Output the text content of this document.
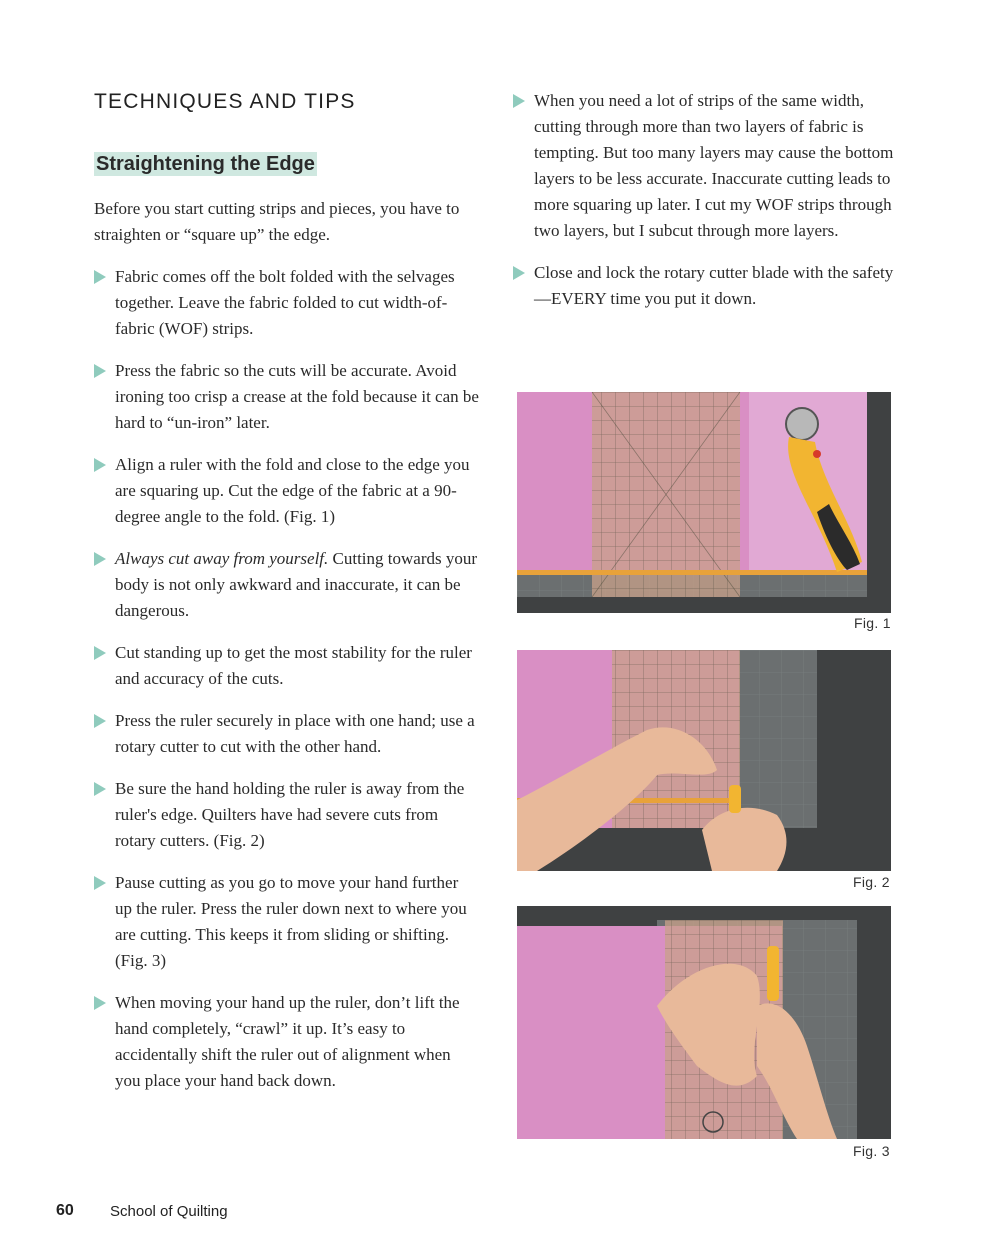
TECHNIQUES AND TIPS
Straightening the Edge

Before you start cutting strips and pieces, you have to straighten or “square up” the edge.

Fabric comes off the bolt folded with the selvages together. Leave the fabric folded to cut width-of-fabric (WOF) strips.
Press the fabric so the cuts will be accurate. Avoid ironing too crisp a crease at the fold because it can be hard to “un-iron” later.
Align a ruler with the fold and close to the edge you are squaring up. Cut the edge of the fabric at a 90-degree angle to the fold. (Fig. 1)
Always cut away from yourself. Cutting towards your body is not only awkward and inaccurate, it can be dangerous.
Cut standing up to get the most stability for the ruler and accuracy of the cuts.
Press the ruler securely in place with one hand; use a rotary cutter to cut with the other hand.
Be sure the hand holding the ruler is away from the ruler's edge. Quilters have had severe cuts from rotary cutters. (Fig. 2)
Pause cutting as you go to move your hand further up the ruler. Press the ruler down next to where you are cutting. This keeps it from sliding or shifting. (Fig. 3)
When moving your hand up the ruler, don’t lift the hand completely, “crawl” it up. It’s easy to accidentally shift the ruler out of alignment when you place your hand back down.
When you need a lot of strips of the same width, cutting through more than two layers of fabric is tempting. But too many layers may cause the bottom layers to be less accurate. Inaccurate cutting leads to more squaring up later. I cut my WOF strips through two layers, but I subcut through more layers.
Close and lock the rotary cutter blade with the safety—EVERY time you put it down.
Fig. 1
Fig. 2
Fig. 3
60 School of Quilting
